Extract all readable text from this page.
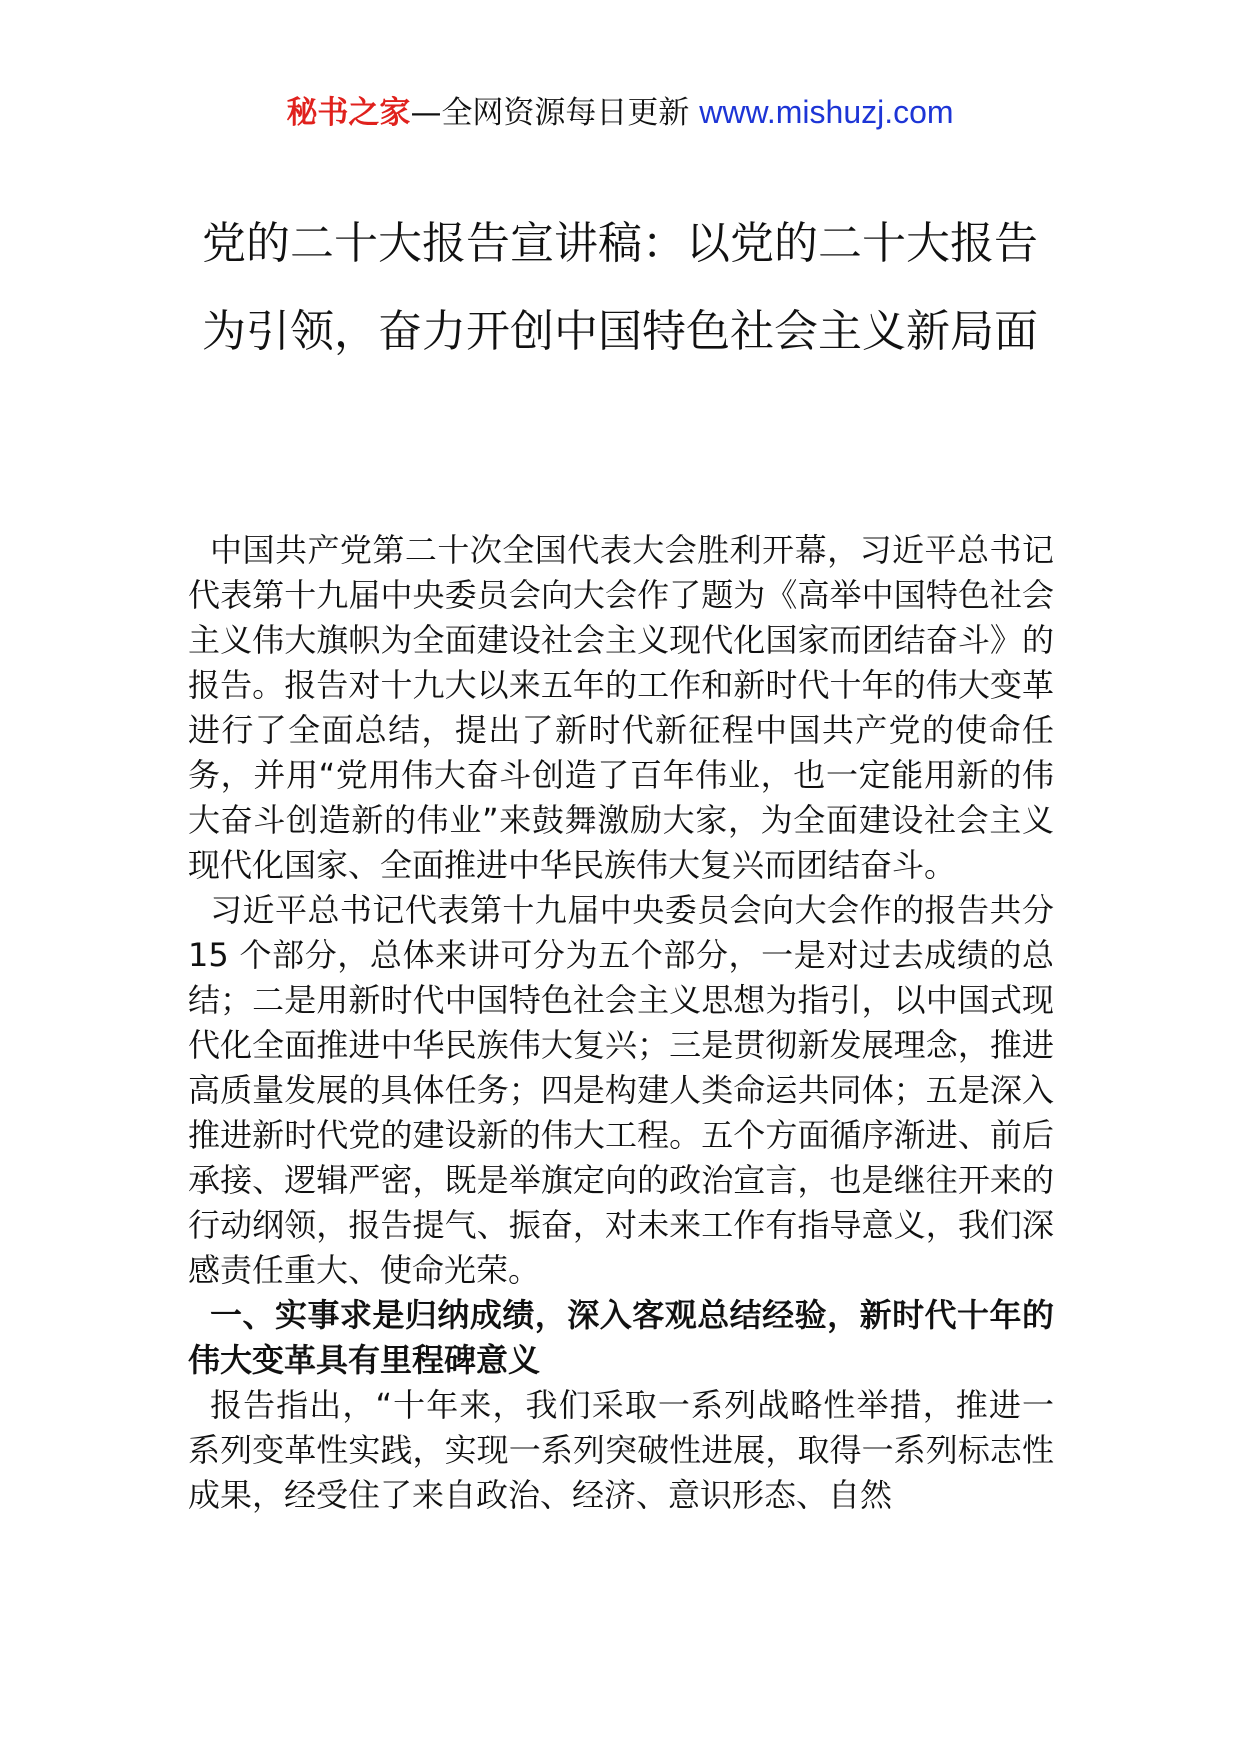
秘书之家—全网资源每日更新 www.mishuzj.com
党的二十大报告宣讲稿：以党的二十大报告为引领，奋力开创中国特色社会主义新局面

中国共产党第二十次全国代表大会胜利开幕，习近平总书记代表第十九届中央委员会向大会作了题为《高举中国特色社会主义伟大旗帜为全面建设社会主义现代化国家而团结奋斗》的报告。报告对十九大以来五年的工作和新时代十年的伟大变革进行了全面总结，提出了新时代新征程中国共产党的使命任务，并用“党用伟大奋斗创造了百年伟业，也一定能用新的伟大奋斗创造新的伟业”来鼓舞激励大家，为全面建设社会主义现代化国家、全面推进中华民族伟大复兴而团结奋斗。

习近平总书记代表第十九届中央委员会向大会作的报告共分 15 个部分，总体来讲可分为五个部分，一是对过去成绩的总结；二是用新时代中国特色社会主义思想为指引，以中国式现代化全面推进中华民族伟大复兴；三是贯彻新发展理念，推进高质量发展的具体任务；四是构建人类命运共同体；五是深入推进新时代党的建设新的伟大工程。五个方面循序渐进、前后承接、逻辑严密，既是举旗定向的政治宣言，也是继往开来的行动纲领，报告提气、振奋，对未来工作有指导意义，我们深感责任重大、使命光荣。

一、实事求是归纳成绩，深入客观总结经验，新时代十年的伟大变革具有里程碑意义

报告指出，“十年来，我们采取一系列战略性举措，推进一系列变革性实践，实现一系列突破性进展，取得一系列标志性成果，经受住了来自政治、经济、意识形态、自然
